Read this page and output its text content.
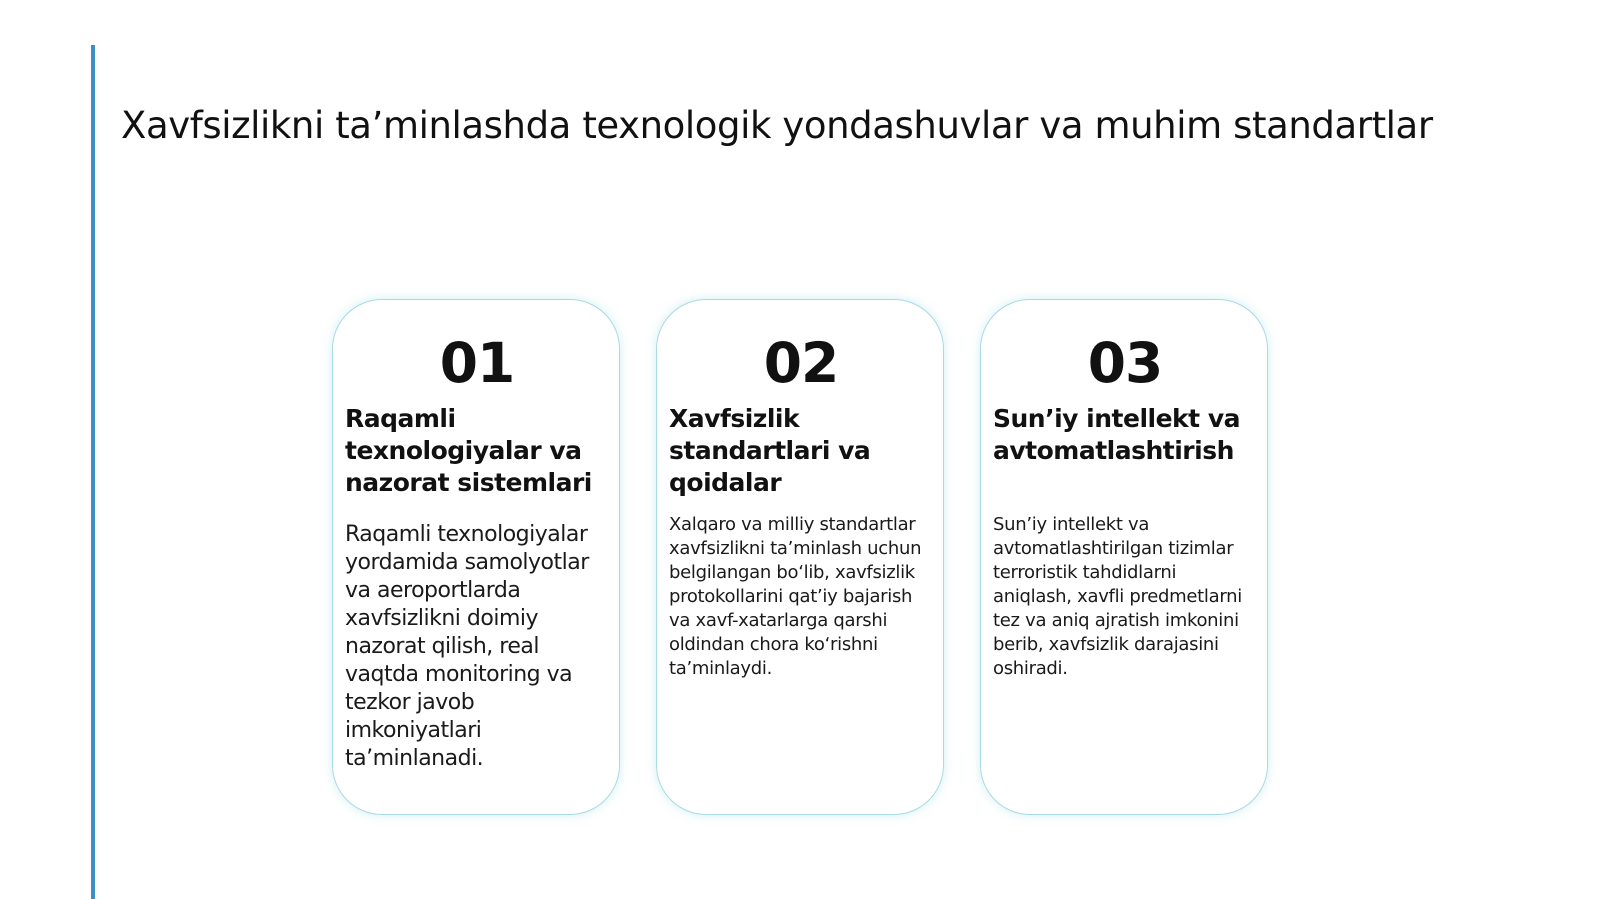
Xavfsizlikni ta’minlashda texnologik yondashuvlar va muhim standartlar
01
Raqamli texnologiyalar va nazorat sistemlari
Raqamli texnologiyalar yordamida samolyotlar va aeroportlarda xavfsizlikni doimiy nazorat qilish, real vaqtda monitoring va tezkor javob imkoniyatlari ta’minlanadi.
02
Xavfsizlik standartlari va qoidalar
Xalqaro va milliy standartlar xavfsizlikni ta’minlash uchun belgilangan bo‘lib, xavfsizlik protokollarini qat’iy bajarish va xavf-xatarlarga qarshi oldindan chora ko‘rishni ta’minlaydi.
03
Sun’iy intellekt va avtomatlashtirish
Sun’iy intellekt va avtomatlashtirilgan tizimlar terroristik tahdidlarni aniqlash, xavfli predmetlarni tez va aniq ajratish imkonini berib, xavfsizlik darajasini oshiradi.
